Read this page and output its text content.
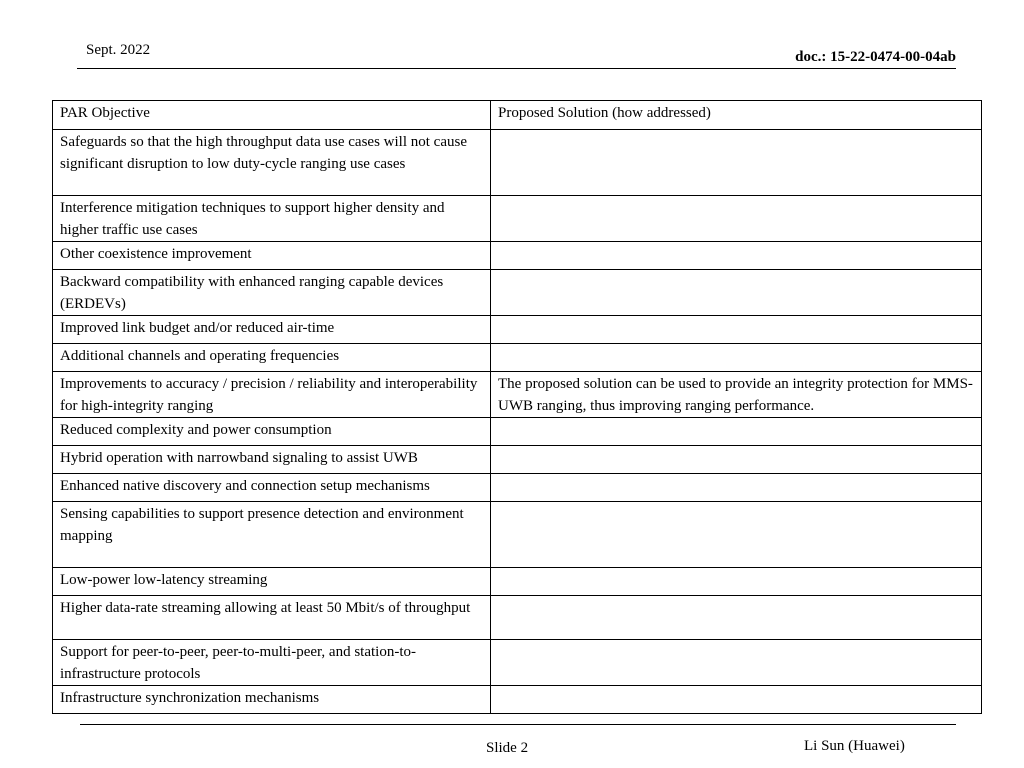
Sept. 2022	doc.: 15-22-0474-00-04ab
PAR Objective	Proposed Solution (how addressed)
Safeguards so that the high throughput data use cases will not cause significant disruption to low duty-cycle ranging use cases	
Interference mitigation techniques to support higher density and higher traffic use cases	
Other coexistence improvement	
Backward compatibility with enhanced ranging capable devices (ERDEVs)	
Improved link budget and/or reduced air-time	
Additional channels and operating frequencies	
Improvements to accuracy / precision / reliability and interoperability for high-integrity ranging	The proposed solution can be used to provide an integrity protection for MMS-UWB ranging, thus improving ranging performance.
Reduced complexity and power consumption	
Hybrid operation with narrowband signaling to assist UWB	
Enhanced native discovery and connection setup mechanisms	
Sensing capabilities to support presence detection and environment mapping	
Low-power low-latency streaming	
Higher data-rate streaming allowing at least 50 Mbit/s of throughput	
Support for peer-to-peer, peer-to-multi-peer, and station-to-infrastructure protocols	
Infrastructure synchronization mechanisms	
Slide 2	Li Sun (Huawei)
